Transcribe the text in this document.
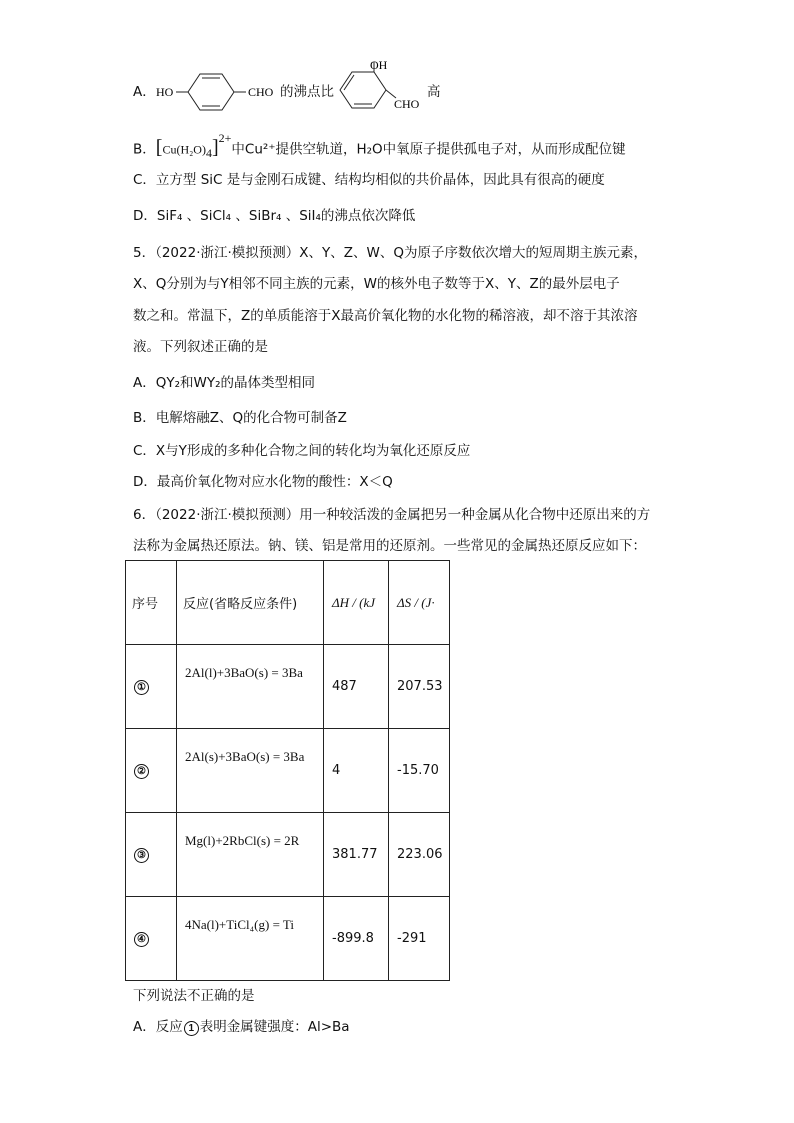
A． HO	CHO 的沸点比
OH
CHO
高
B．$[Cu(H_2O)_4]^{2+}$中Cu²⁺提供空轨道，H₂O中氧原子提供孤电子对，从而形成配位键
C．立方型 SiC 是与金刚石成键、结构均相似的共价晶体，因此具有很高的硬度
D．SiF₄ 、SiCl₄ 、SiBr₄ 、SiI₄的沸点依次降低
5．（2022·浙江·模拟预测）X、Y、Z、W、Q为原子序数依次增大的短周期主族元素，
X、Q分别为与Y相邻不同主族的元素，W的核外电子数等于X、Y、Z的最外层电子
数之和。常温下，Z的单质能溶于X最高价氧化物的水化物的稀溶液，却不溶于其浓溶
液。下列叙述正确的是
A．QY₂和WY₂的晶体类型相同
B．电解熔融Z、Q的化合物可制备Z
C．X与Y形成的多种化合物之间的转化均为氧化还原反应
D．最高价氧化物对应水化物的酸性：X＜Q
6．（2022·浙江·模拟预测）用一种较活泼的金属把另一种金属从化合物中还原出来的方
法称为金属热还原法。钠、镁、铝是常用的还原剂。一些常见的金属热还原反应如下：
序号	反应(省略反应条件)	ΔH / (kJ	ΔS / (J·

①	2Al(l)+3BaO(s) = 3Ba	487	207.53
②	2Al(s)+3BaO(s) = 3Ba	4	-15.70
③	Mg(l)+2RbCl(s) = 2R	381.77	223.06
④	4Na(l)+TiCl₄(g) = Ti	-899.8	-291
下列说法不正确的是
A．反应 1 表明金属键强度：Al>Ba
